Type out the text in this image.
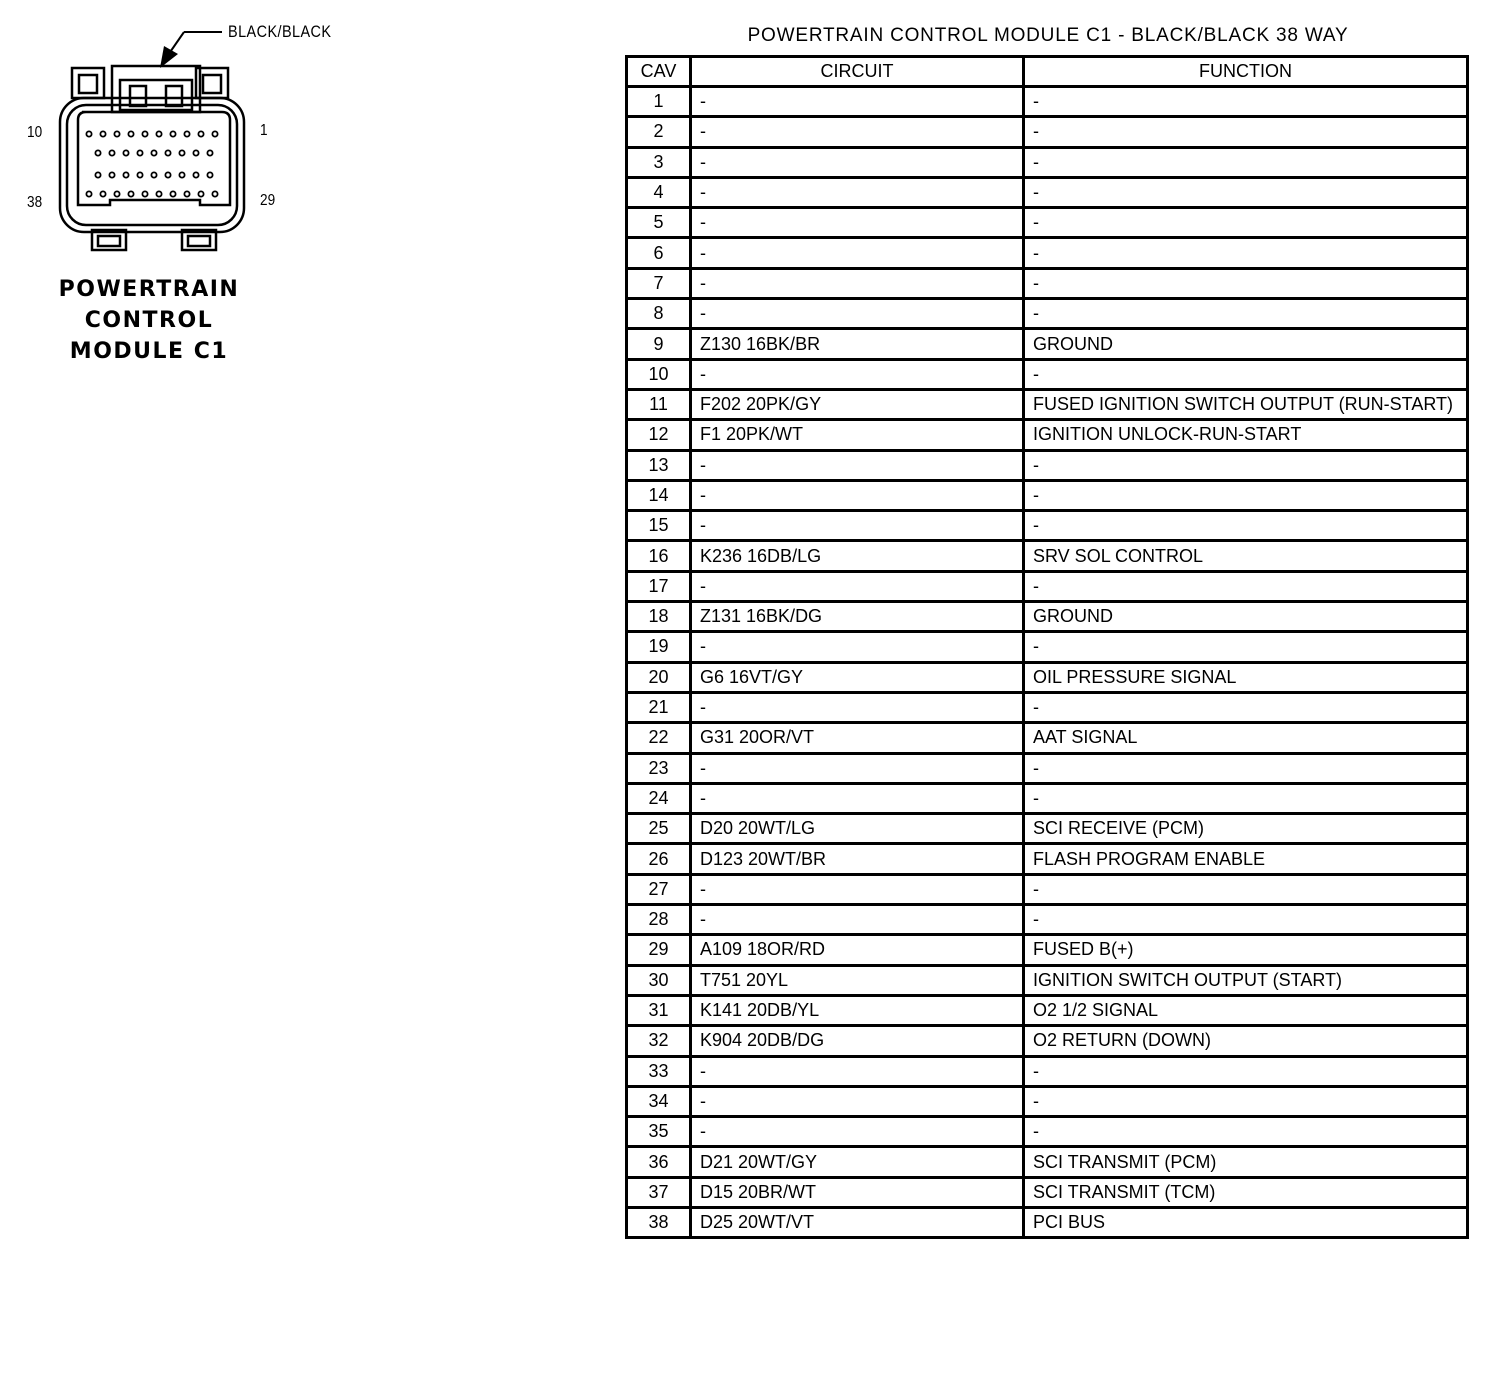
10	1
38	29
BLACK/BLACK
POWERTRAIN
CONTROL
MODULE C1
POWERTRAIN CONTROL MODULE C1 - BLACK/BLACK 38 WAY
CAV	CIRCUIT	FUNCTION
1	-	-
2	-	-
3	-	-
4	-	-
5	-	-
6	-	-
7	-	-
8	-	-
9	Z130 16BK/BR	GROUND
10	-	-
11	F202 20PK/GY	FUSED IGNITION SWITCH OUTPUT (RUN-START)
12	F1 20PK/WT	IGNITION UNLOCK-RUN-START
13	-	-
14	-	-
15	-	-
16	K236 16DB/LG	SRV SOL CONTROL
17	-	-
18	Z131 16BK/DG	GROUND
19	-	-
20	G6 16VT/GY	OIL PRESSURE SIGNAL
21	-	-
22	G31 20OR/VT	AAT SIGNAL
23	-	-
24	-	-
25	D20 20WT/LG	SCI RECEIVE (PCM)
26	D123 20WT/BR	FLASH PROGRAM ENABLE
27	-	-
28	-	-
29	A109 18OR/RD	FUSED B(+)
30	T751 20YL	IGNITION SWITCH OUTPUT (START)
31	K141 20DB/YL	O2 1/2 SIGNAL
32	K904 20DB/DG	O2 RETURN (DOWN)
33	-	-
34	-	-
35	-	-
36	D21 20WT/GY	SCI TRANSMIT (PCM)
37	D15 20BR/WT	SCI TRANSMIT (TCM)
38	D25 20WT/VT	PCI BUS
